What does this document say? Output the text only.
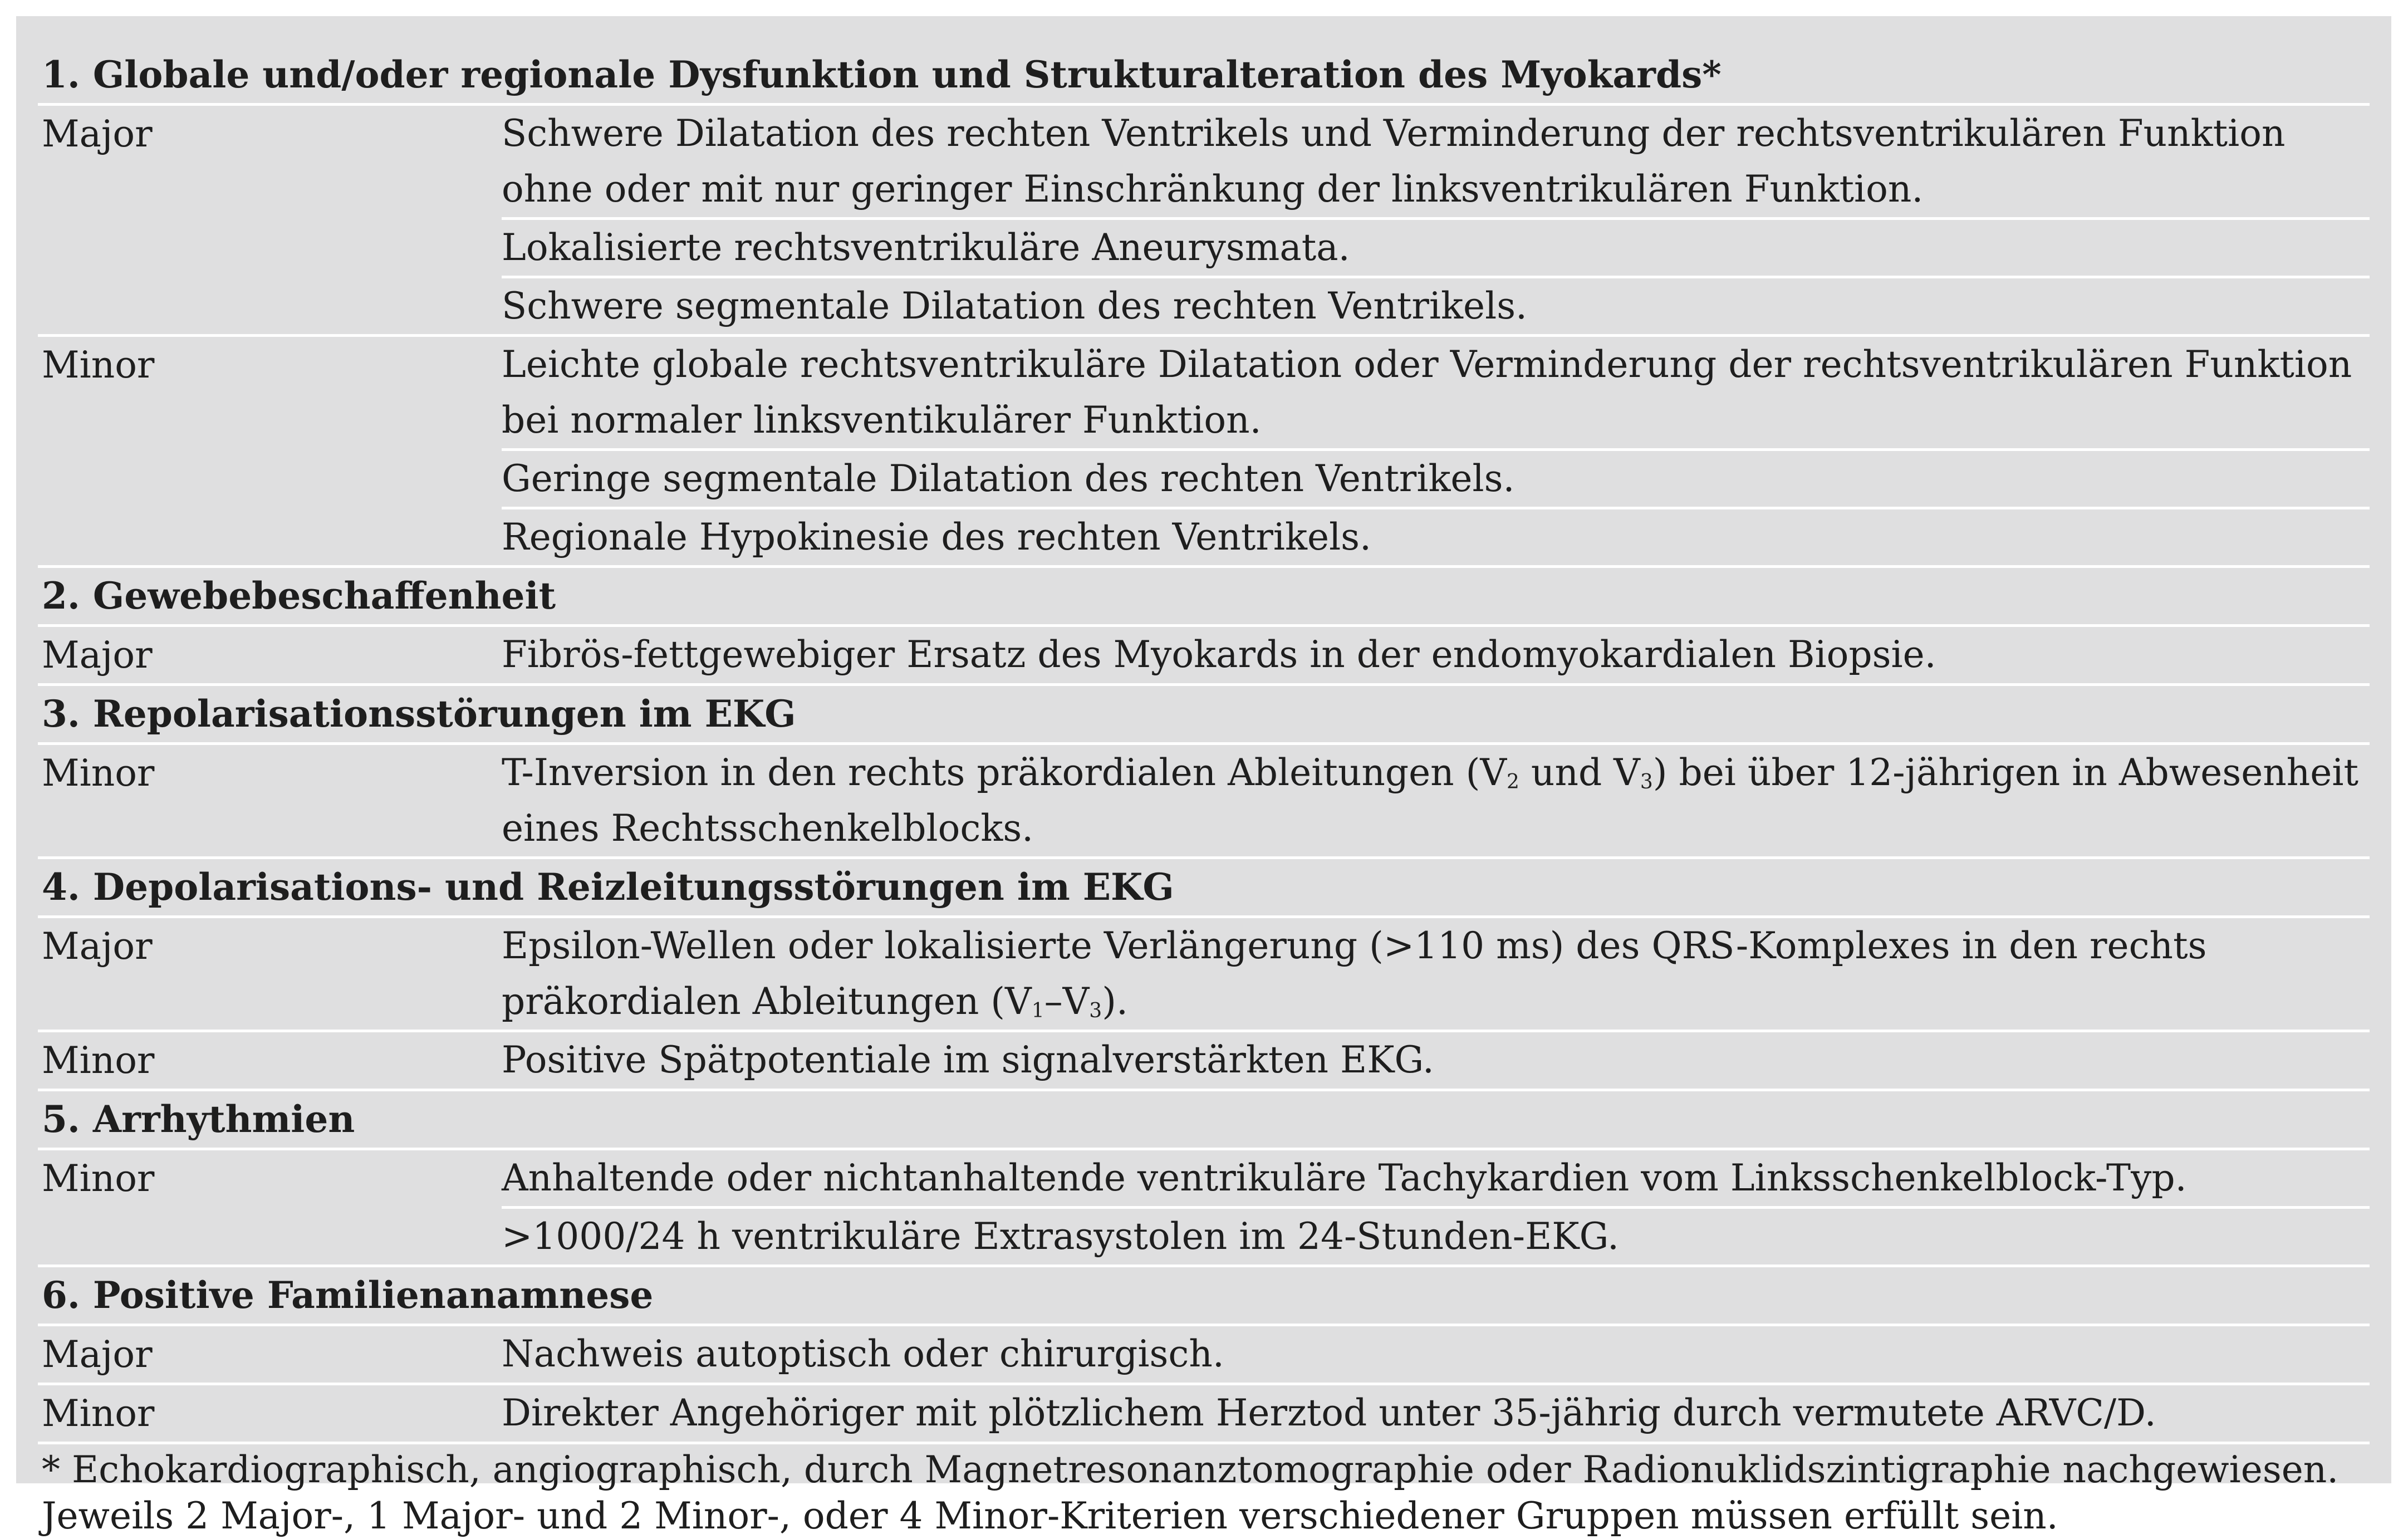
1. Globale und/oder regionale Dysfunktion und Strukturalteration des Myokards*
Major	Schwere Dilatation des rechten Ventrikels und Verminderung der rechtsventrikulären Funktion ohne oder mit nur geringer Einschränkung der linksventrikulären Funktion.
Lokalisierte rechtsventrikuläre Aneurysmata.
Schwere segmentale Dilatation des rechten Ventrikels.
Minor	Leichte globale rechtsventrikuläre Dilatation oder Verminderung der rechtsventrikulären Funktion bei normaler linksventikulärer Funktion.
Geringe segmentale Dilatation des rechten Ventrikels.
Regionale Hypokinesie des rechten Ventrikels.
2. Gewebebeschaffenheit
Major	Fibrös-fettgewebiger Ersatz des Myokards in der endomyokardialen Biopsie.
3. Repolarisationsstörungen im EKG
Minor	T-Inversion in den rechts präkordialen Ableitungen ($V_2$ und $V_3$) bei über 12-jährigen in Abwesenheit eines Rechtsschenkelblocks.
4. Depolarisations- und Reizleitungsstörungen im EKG
Major	Epsilon-Wellen oder lokalisierte Verlängerung (>110 ms) des QRS-Komplexes in den rechts präkordialen Ableitungen $(V_1-V_3)$.
Minor	Positive Spätpotentiale im signalverstärkten EKG.
5. Arrhythmien
Minor	Anhaltende oder nichtanhaltende ventrikuläre Tachykardien vom Linksschenkelblock-Typ.
>1000/24 h ventrikuläre Extrasystolen im 24-Stunden-EKG.
6. Positive Familienanamnese
Major	Nachweis autoptisch oder chirurgisch.
Minor	Direkter Angehöriger mit plötzlichem Herztod unter 35-jährig durch vermutete ARVC/D.
* Echokardiographisch, angiographisch, durch Magnetresonanztomographie oder Radionuklidszintigraphie nachgewiesen.
Jeweils 2 Major-, 1 Major- und 2 Minor-, oder 4 Minor-Kriterien verschiedener Gruppen müssen erfüllt sein.
